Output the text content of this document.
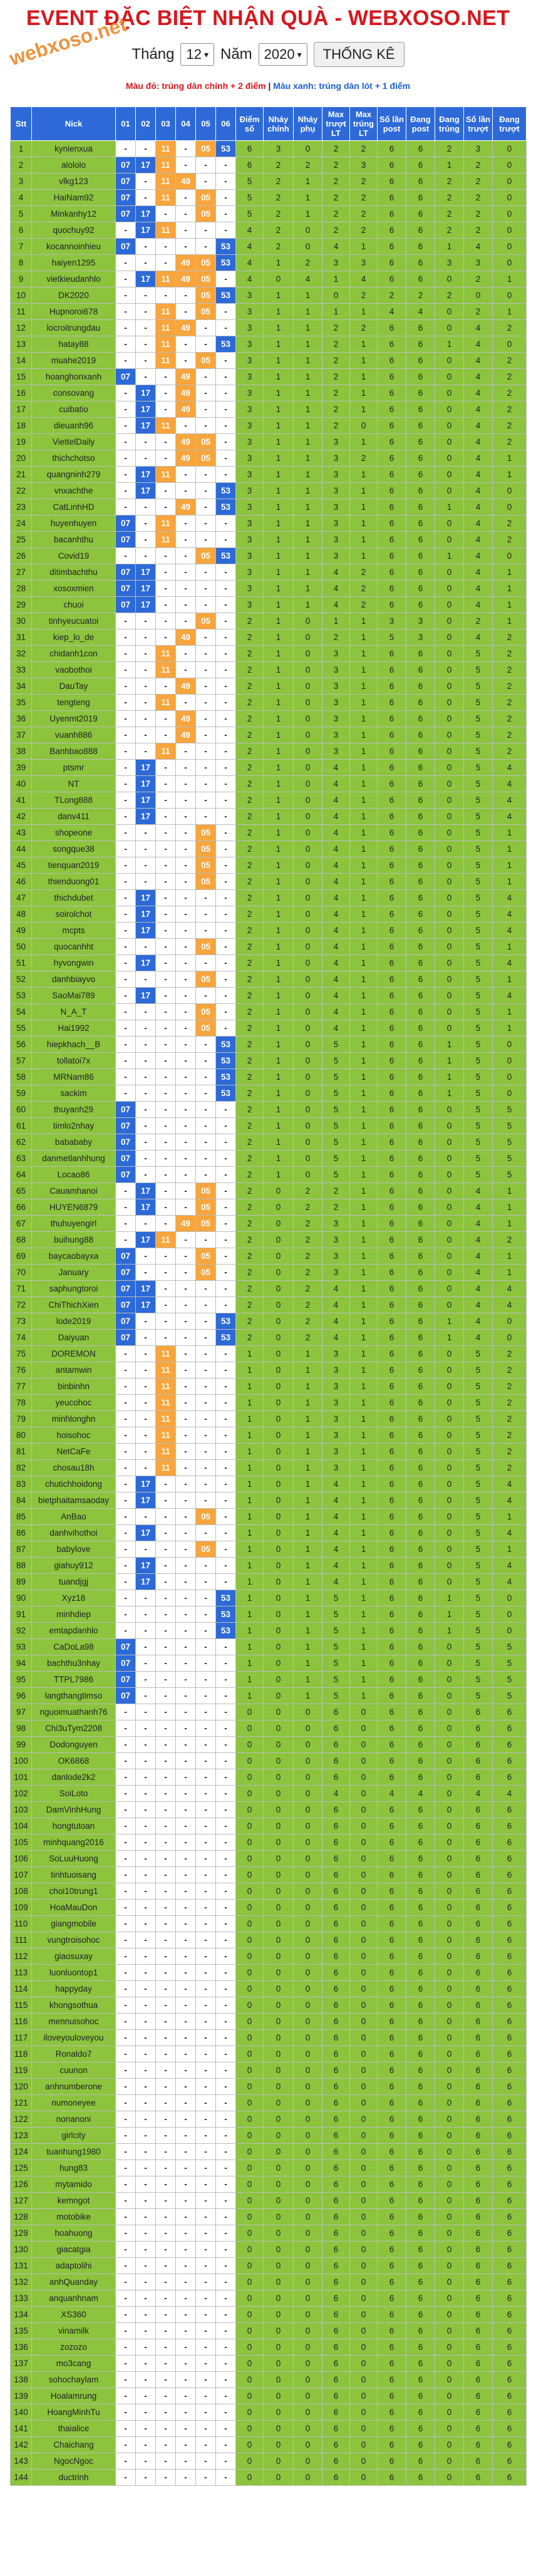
webxoso.net
EVENT ĐẶC BIỆT NHẬN QUÀ - WEBXOSO.NET
Tháng 12 ▾ Năm 2020 ▾	THỐNG KÊ
Màu đỏ: trúng dàn chính + 2 điểm | Màu xanh: trúng dàn lót + 1 điểm
Stt	Nick	01	02	03	04	05	06	Điểm số	Nháy chính	Nháy phụ	Max trượt LT	Max trúng LT	Số lần post	Đang post	Đang trúng	Số lần trượt	Đang trượt
1	kynienxua	-	-	11	-	05	53	6	3	0	2	2	6	6	2	3	0
2	alololo	07	17	11	-	-	-	6	2	2	2	3	6	6	1	2	0
3	vlkg123	07	-	11	49	-	-	5	2	1	2	2	6	6	2	2	0
4	HaiNam92	07	-	11	-	05	-	5	2	1	2	2	6	6	2	2	0
5	Minkanhy12	07	17	-	-	05	-	5	2	1	2	2	6	6	2	2	0
6	quochuy92	-	17	11	-	-	-	4	2	0	2	2	6	6	2	2	0
7	kocannoinhieu	07	-	-	-	-	53	4	2	0	4	1	6	6	1	4	0
8	haiyen1295	-	-	-	49	05	53	4	1	2	3	3	6	6	3	3	0
9	vietkieudanhlo	-	17	11	49	05	-	4	0	4	1	4	6	6	0	2	1
10	DK2020	-	-	-	-	05	53	3	1	1	0	2	2	2	2	0	0
11	Hupnoroi678	-	-	11	-	05	-	3	1	1	1	1	4	4	0	2	1
12	locroitrungdau	-	-	11	49	-	-	3	1	1	2	2	6	6	0	4	2
13	hatay88	-	-	11	-	-	53	3	1	1	2	1	6	6	1	4	0
14	muahe2019	-	-	11	-	05	-	3	1	1	2	1	6	6	0	4	2
15	hoanghonxanh	07	-	-	49	-	-	3	1	1	2	1	6	6	0	4	2
16	consovang	-	17	-	49	-	-	3	1	1	2	1	6	6	0	4	2
17	cuibatio	-	17	-	49	-	-	3	1	1	2	1	6	6	0	4	2
18	dieuanh96	-	17	11	-	-	-	3	1	1	2	0	6	6	0	4	2
19	ViettelDaily	-	-	-	49	05	-	3	1	1	3	1	6	6	0	4	2
20	thichchotso	-	-	-	49	05	-	3	1	1	3	2	6	6	0	4	1
21	quangninh279	-	17	11	-	-	-	3	1	1	3	1	6	6	0	4	1
22	vnxachthe	-	17	-	-	-	53	3	1	1	3	1	6	6	0	4	0
23	CatLinhHD	-	-	-	49	-	53	3	1	1	3	1	6	6	1	4	0
24	huyenhuyen	07	-	11	-	-	-	3	1	1	3	1	6	6	0	4	2
25	bacanhthu	07	-	11	-	-	-	3	1	1	3	1	6	6	0	4	2
26	Covid19	-	-	-	-	05	53	3	1	1	3	1	6	6	1	4	0
27	ditimbachthu	07	17	-	-	-	-	3	1	1	4	2	6	6	0	4	1
28	xosoxmien	07	17	-	-	-	-	3	1	1	4	2	6	6	0	4	1
29	chuoi	07	17	-	-	-	-	3	1	1	4	2	6	6	0	4	1
30	tinhyeucuatoi	-	-	-	-	05	-	2	1	0	1	1	3	3	0	2	1
31	kiep_lo_de	-	-	-	49	-	-	2	1	0	2	1	5	3	0	4	2
32	chidanh1con	-	-	11	-	-	-	2	1	0	3	1	6	6	0	5	2
33	vaobothoi	-	-	11	-	-	-	2	1	0	3	1	6	6	0	5	2
34	DauTay	-	-	-	49	-	-	2	1	0	3	1	6	6	0	5	2
35	tengteng	-	-	11	-	-	-	2	1	0	3	1	6	6	0	5	2
36	Uyenmt2019	-	-	-	49	-	-	2	1	0	3	1	6	6	0	5	2
37	vuanh886	-	-	-	49	-	-	2	1	0	3	1	6	6	0	5	2
38	Banhbao888	-	-	11	-	-	-	2	1	0	3	1	6	6	0	5	2
39	ptsmr	-	17	-	-	-	-	2	1	0	4	1	6	6	0	5	4
40	NT	-	17	-	-	-	-	2	1	0	4	1	6	6	0	5	4
41	TLong888	-	17	-	-	-	-	2	1	0	4	1	6	6	0	5	4
42	danv411	-	17	-	-	-	-	2	1	0	4	1	6	6	0	5	4
43	shopeone	-	-	-	-	05	-	2	1	0	4	1	6	6	0	5	1
44	songque38	-	-	-	-	05	-	2	1	0	4	1	6	6	0	5	1
45	tienquan2019	-	-	-	-	05	-	2	1	0	4	1	6	6	0	5	1
46	thienduong01	-	-	-	-	05	-	2	1	0	4	1	6	6	0	5	1
47	thichdubet	-	17	-	-	-	-	2	1	0	4	1	6	6	0	5	4
48	soirolchot	-	17	-	-	-	-	2	1	0	4	1	6	6	0	5	4
49	mcpts	-	17	-	-	-	-	2	1	0	4	1	6	6	0	5	4
50	quocanhht	-	-	-	-	05	-	2	1	0	4	1	6	6	0	5	1
51	hyvongwin	-	17	-	-	-	-	2	1	0	4	1	6	6	0	5	4
52	danhbiayvo	-	-	-	-	05	-	2	1	0	4	1	6	6	0	5	1
53	SaoMai789	-	17	-	-	-	-	2	1	0	4	1	6	6	0	5	4
54	N_A_T	-	-	-	-	05	-	2	1	0	4	1	6	6	0	5	1
55	Hai1992	-	-	-	-	05	-	2	1	0	4	1	6	6	0	5	1
56	hiepkhach__B	-	-	-	-	-	53	2	1	0	5	1	6	6	1	5	0
57	tollatoi7x	-	-	-	-	-	53	2	1	0	5	1	6	6	1	5	0
58	MRNam86	-	-	-	-	-	53	2	1	0	5	1	6	6	1	5	0
59	sackim	-	-	-	-	-	53	2	1	0	5	1	6	6	1	5	0
60	thuyanh29	07	-	-	-	-	-	2	1	0	5	1	6	6	0	5	5
61	timlo2nhay	07	-	-	-	-	-	2	1	0	5	1	6	6	0	5	5
62	babababy	07	-	-	-	-	-	2	1	0	5	1	6	6	0	5	5
63	danmetlanhhung	07	-	-	-	-	-	2	1	0	5	1	6	6	0	5	5
64	Locao86	07	-	-	-	-	-	2	1	0	5	1	6	6	0	5	5
65	Cauamhanoi	-	17	-	-	05	-	2	0	2	2	1	6	6	0	4	1
66	HUYEN6879	-	17	-	-	05	-	2	0	2	2	1	6	6	0	4	1
67	thuhuyengirl	-	-	-	49	05	-	2	0	2	3	1	6	6	0	4	1
68	buihung88	-	17	11	-	-	-	2	0	2	3	1	6	6	0	4	2
69	baycaobayxa	07	-	-	-	05	-	2	0	2	3	1	6	6	0	4	1
70	January	07	-	-	-	05	-	2	0	2	3	1	6	6	0	4	1
71	saphungtoroi	07	17	-	-	-	-	2	0	2	4	1	6	6	0	4	4
72	ChiThichXien	07	17	-	-	-	-	2	0	2	4	1	6	6	0	4	4
73	lode2019	07	-	-	-	-	53	2	0	2	4	1	6	6	1	4	0
74	Daiyuan	07	-	-	-	-	53	2	0	2	4	1	6	6	1	4	0
75	DOREMON	-	-	11	-	-	-	1	0	1	3	1	6	6	0	5	2
76	antamwin	-	-	11	-	-	-	1	0	1	3	1	6	6	0	5	2
77	binbinhn	-	-	11	-	-	-	1	0	1	3	1	6	6	0	5	2
78	yeucohoc	-	-	11	-	-	-	1	0	1	3	1	6	6	0	5	2
79	minhlonghn	-	-	11	-	-	-	1	0	1	3	1	6	6	0	5	2
80	hoisohoc	-	-	11	-	-	-	1	0	1	3	1	6	6	0	5	2
81	NetCaFe	-	-	11	-	-	-	1	0	1	3	1	6	6	0	5	2
82	chosau18h	-	-	11	-	-	-	1	0	1	3	1	6	6	0	5	2
83	chutichhoidong	-	17	-	-	-	-	1	0	1	4	1	6	6	0	5	4
84	bietphaitamsaoday	-	17	-	-	-	-	1	0	1	4	1	6	6	0	5	4
85	AnBao	-	-	-	-	05	-	1	0	1	4	1	6	6	0	5	1
86	danhvihothoi	-	17	-	-	-	-	1	0	1	4	1	6	6	0	5	4
87	babylove	-	-	-	-	05	-	1	0	1	4	1	6	6	0	5	1
88	giahuy912	-	17	-	-	-	-	1	0	1	4	1	6	6	0	5	4
89	tuandjgj	-	17	-	-	-	-	1	0	1	4	1	6	6	0	5	4
90	Xyz18	-	-	-	-	-	53	1	0	1	5	1	6	6	1	5	0
91	minhdiep	-	-	-	-	-	53	1	0	1	5	1	6	6	1	5	0
92	emtapdanhlo	-	-	-	-	-	53	1	0	1	5	1	6	6	1	5	0
93	CaDoLa98	07	-	-	-	-	-	1	0	1	5	1	6	6	0	5	5
94	bachthu3nhay	07	-	-	-	-	-	1	0	1	5	1	6	6	0	5	5
95	TTPL7986	07	-	-	-	-	-	1	0	1	5	1	6	6	0	5	5
96	langthangtimso	07	-	-	-	-	-	1	0	1	5	1	6	6	0	5	5
97	nguoimuathanh76	-	-	-	-	-	-	0	0	0	6	0	6	6	0	6	6
98	Chi3uTym2208	-	-	-	-	-	-	0	0	0	6	0	6	6	0	6	6
99	Dodonguyen	-	-	-	-	-	-	0	0	0	6	0	6	6	0	6	6
100	OK6868	-	-	-	-	-	-	0	0	0	6	0	6	6	0	6	6
101	danlode2k2	-	-	-	-	-	-	0	0	0	6	0	6	6	0	6	6
102	SoiLoto	-	-	-	-	-	-	0	0	0	4	0	4	4	0	4	4
103	DamVinhHung	-	-	-	-	-	-	0	0	0	6	0	6	6	0	6	6
104	hongtutoan	-	-	-	-	-	-	0	0	0	6	0	6	6	0	6	6
105	minhquang2016	-	-	-	-	-	-	0	0	0	6	0	6	6	0	6	6
106	SoLuuHuong	-	-	-	-	-	-	0	0	0	6	0	6	6	0	6	6
107	tinhtuoisang	-	-	-	-	-	-	0	0	0	6	0	6	6	0	6	6
108	choi10trung1	-	-	-	-	-	-	0	0	0	6	0	6	6	0	6	6
109	HoaMauDon	-	-	-	-	-	-	0	0	0	6	0	6	6	0	6	6
110	giangmobile	-	-	-	-	-	-	0	0	0	6	0	6	6	0	6	6
111	vungtroisohoc	-	-	-	-	-	-	0	0	0	6	0	6	6	0	6	6
112	giaosuxay	-	-	-	-	-	-	0	0	0	6	0	6	6	0	6	6
113	luonluontop1	-	-	-	-	-	-	0	0	0	6	0	6	6	0	6	6
114	happyday	-	-	-	-	-	-	0	0	0	6	0	6	6	0	6	6
115	khongsothua	-	-	-	-	-	-	0	0	0	6	0	6	6	0	6	6
116	mennuisohoc	-	-	-	-	-	-	0	0	0	6	0	6	6	0	6	6
117	iloveyouloveyou	-	-	-	-	-	-	0	0	0	6	0	6	6	0	6	6
118	Ronaldo7	-	-	-	-	-	-	0	0	0	6	0	6	6	0	6	6
119	cuunon	-	-	-	-	-	-	0	0	0	6	0	6	6	0	6	6
120	anhnumberone	-	-	-	-	-	-	0	0	0	6	0	6	6	0	6	6
121	numoneyee	-	-	-	-	-	-	0	0	0	6	0	6	6	0	6	6
122	nonanoni	-	-	-	-	-	-	0	0	0	6	0	6	6	0	6	6
123	girlcity	-	-	-	-	-	-	0	0	0	6	0	6	6	0	6	6
124	tuanhung1980	-	-	-	-	-	-	0	0	0	6	0	6	6	0	6	6
125	hung83	-	-	-	-	-	-	0	0	0	6	0	6	6	0	6	6
126	mytamido	-	-	-	-	-	-	0	0	0	6	0	6	6	0	6	6
127	kemngot	-	-	-	-	-	-	0	0	0	6	0	6	6	0	6	6
128	motobike	-	-	-	-	-	-	0	0	0	6	0	6	6	0	6	6
129	hoahuong	-	-	-	-	-	-	0	0	0	6	0	6	6	0	6	6
130	giacatgia	-	-	-	-	-	-	0	0	0	6	0	6	6	0	6	6
131	adaptolihi	-	-	-	-	-	-	0	0	0	6	0	6	6	0	6	6
132	anhQuanday	-	-	-	-	-	-	0	0	0	6	0	6	6	0	6	6
133	anquanhnam	-	-	-	-	-	-	0	0	0	6	0	6	6	0	6	6
134	XS360	-	-	-	-	-	-	0	0	0	6	0	6	6	0	6	6
135	vinamilk	-	-	-	-	-	-	0	0	0	6	0	6	6	0	6	6
136	zozozo	-	-	-	-	-	-	0	0	0	6	0	6	6	0	6	6
137	mo3cang	-	-	-	-	-	-	0	0	0	6	0	6	6	0	6	6
138	sohochaylam	-	-	-	-	-	-	0	0	0	6	0	6	6	0	6	6
139	Hoalamrung	-	-	-	-	-	-	0	0	0	6	0	6	6	0	6	6
140	HoangMinhTu	-	-	-	-	-	-	0	0	0	6	0	6	6	0	6	6
141	thaialice	-	-	-	-	-	-	0	0	0	6	0	6	6	0	6	6
142	Chaichang	-	-	-	-	-	-	0	0	0	6	0	6	6	0	6	6
143	NgocNgoc	-	-	-	-	-	-	0	0	0	6	0	6	6	0	6	6
144	ductrinh	-	-	-	-	-	-	0	0	0	6	0	6	6	0	6	6
